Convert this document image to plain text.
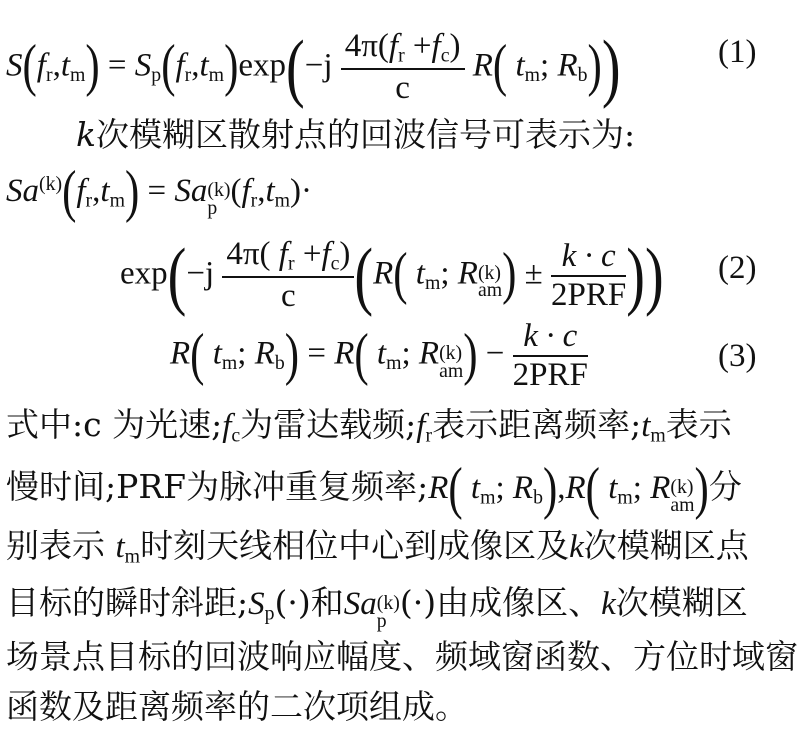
$S(f_r,t_m) = S_p(f_r,t_m)\exp(-j \frac{4\pi(f_r +f_c)}{c} R$( $t_m$; $R_b$))	(1)
k次模糊区散射点的回波信号可表示为:
$Sa^{(k)}(f_r,t_m) = Sa$ (k)
p $(f_r,t_m)\cdot$
$\exp(-j \frac{4\pi( f_r +f_c)}{c} (R$( $t_m$; R (k)
am ) ± $\frac{k \cdot c}{\text{2PRF}}$ )) (2)
R( $t_m$; $R_b) = R$( $t_m$; R (k)
am ) − $\frac{k \cdot c}{\text{2PRF}}$	(3)
式中:c 为光速$;f_c$为雷达载频$;f_r$表示距离频率$;t_m$表示
慢时间;PRF为脉冲重复频率;R( $t_m$; $R_b),R$( $t_m$; R (k)
am )分
别表示 $t_m$时刻天线相位中心到成像区及k次模糊区点
目标的瞬时斜距$;S_p(\cdot)$和Sa (k)
p (·)由成像区、k次模糊区
场景点目标的回波响应幅度、频域窗函数、方位时域窗
函数及距离频率的二次项组成。
